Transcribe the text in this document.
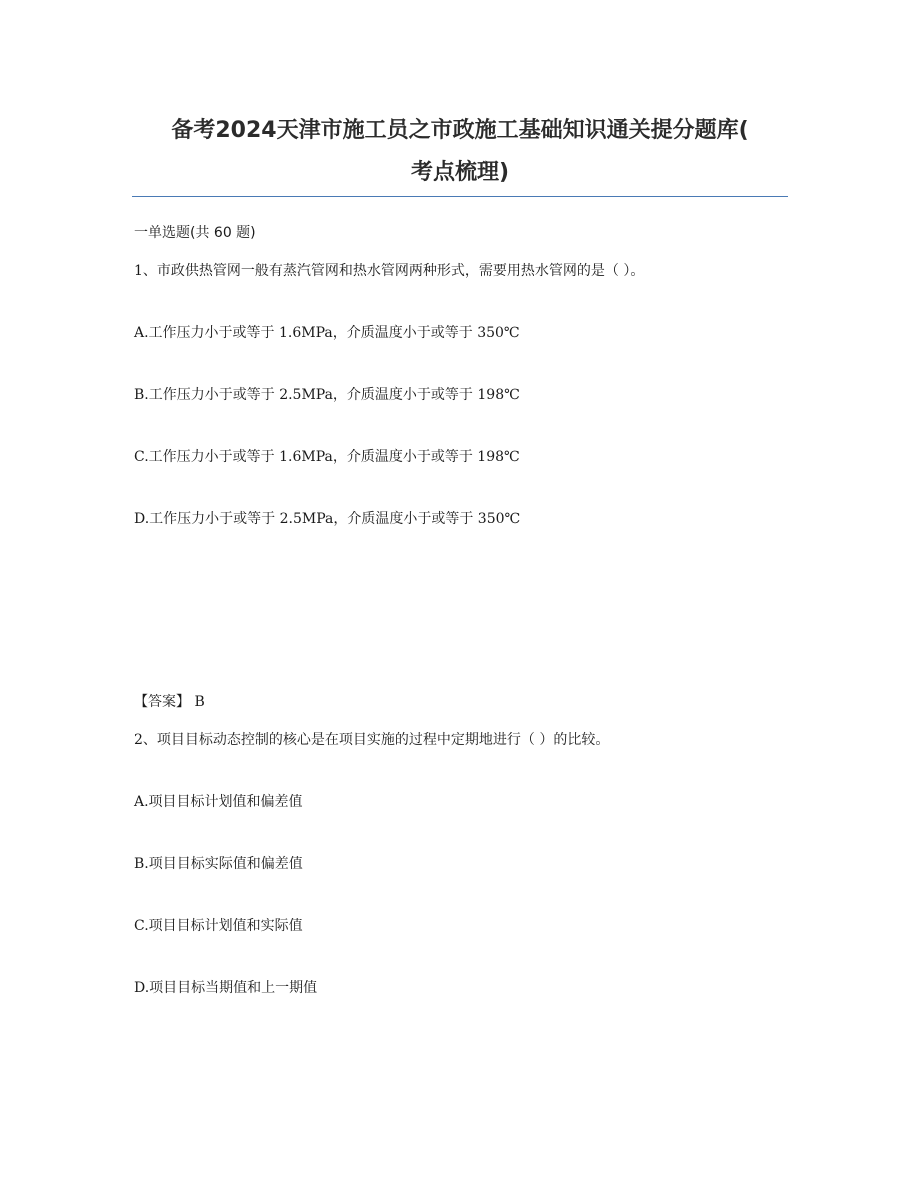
备考2024天津市施工员之市政施工基础知识通关提分题库(
考点梳理)
一单选题(共 60 题)
1、市政供热管网一般有蒸汽管网和热水管网两种形式，需要用热水管网的是（ ）。
A.工作压力小于或等于 1.6MPa，介质温度小于或等于 350℃
B.工作压力小于或等于 2.5MPa，介质温度小于或等于 198℃
C.工作压力小于或等于 1.6MPa，介质温度小于或等于 198℃
D.工作压力小于或等于 2.5MPa，介质温度小于或等于 350℃
【答案】 B
2、项目目标动态控制的核心是在项目实施的过程中定期地进行（ ）的比较。
A.项目目标计划值和偏差值
B.项目目标实际值和偏差值
C.项目目标计划值和实际值
D.项目目标当期值和上一期值
